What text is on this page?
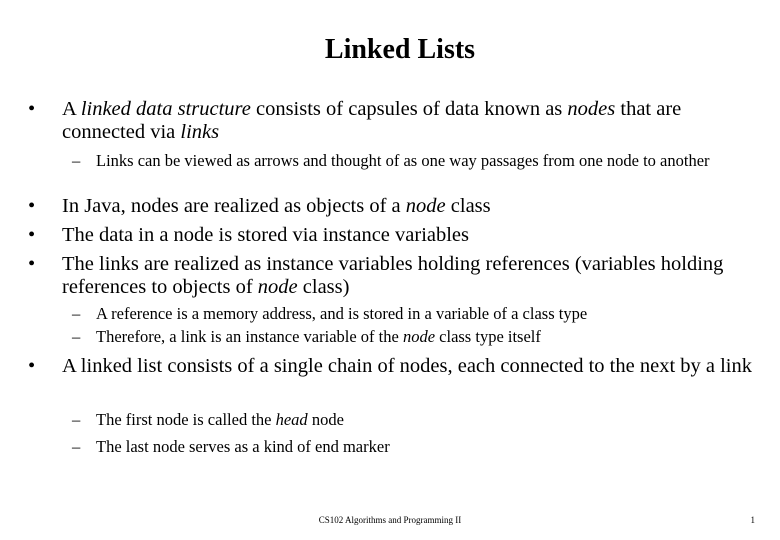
Linked Lists
•	A linked data structure consists of capsules of data known as nodes that are connected via links
– Links can be viewed as arrows and thought of as one way passages from one node to another
•	In Java, nodes are realized as objects of a node class
•	The data in a node is stored via instance variables
•	The links are realized as instance variables holding references (variables holding references to objects of node class)
– A reference is a memory address, and is stored in a variable of a class type
– Therefore, a link is an instance variable of the node class type itself
•	A linked list consists of a single chain of nodes, each connected to the next by a link
– The first node is called the head node
– The last node serves as a kind of end marker
CS102 Algorithms and Programming II	1
